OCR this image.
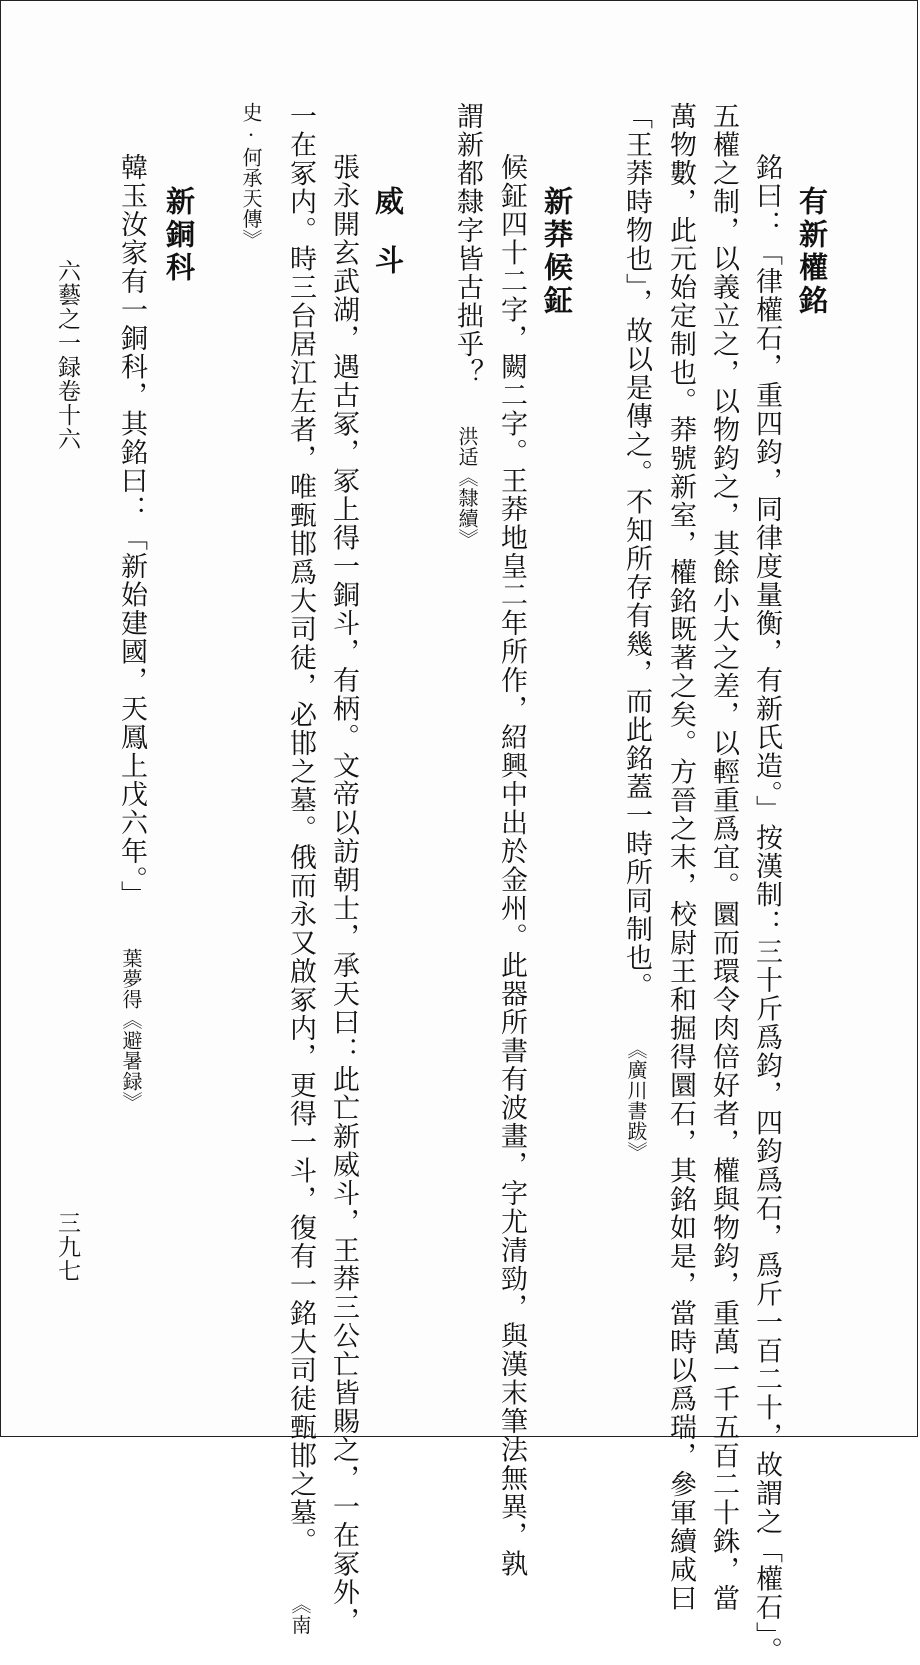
有新權銘
銘曰：「律權石，重四鈞，同律度量衡，有新氏造。」按漢制：三十斤爲鈞，四鈞爲石，爲斤一百二十，故謂之「權石」。
五權之制，以義立之，以物鈞之，其餘小大之差，以輕重爲宜。圜而環令肉倍好者，權與物鈞，重萬一千五百二十銖，當
萬物數，此元始定制也。莽號新室，權銘既著之矣。方晉之末，校尉王和掘得圜石，其銘如是，當時以爲瑞，參軍續咸曰
「王莽時物也」，故以是傳之。不知所存有幾，而此銘蓋一時所同制也。 《廣川書跋》
新莽候鉦
候鉦四十二字，闕二字。王莽地皇二年所作，紹興中出於金州。此器所書有波畫，字尤清勁，與漢末筆法無異，孰
謂新都隸字皆古拙乎？ 洪适《隸續》
威斗
張永開玄武湖，遇古冢，冢上得一銅斗，有柄。文帝以訪朝士，承天曰：此亡新威斗，王莽三公亡皆賜之，一在冢外，
一在冢内。時三台居江左者，唯甄邯爲大司徒，必邯之墓。俄而永又啟冢内，更得一斗，復有一銘大司徒甄邯之墓。 《南
史·何承天傳》
新銅科
韓玉汝家有一銅科，其銘曰：「新始建國，天鳳上戊六年。」 葉夢得《避暑録》
六藝之一録卷十六
三九七
